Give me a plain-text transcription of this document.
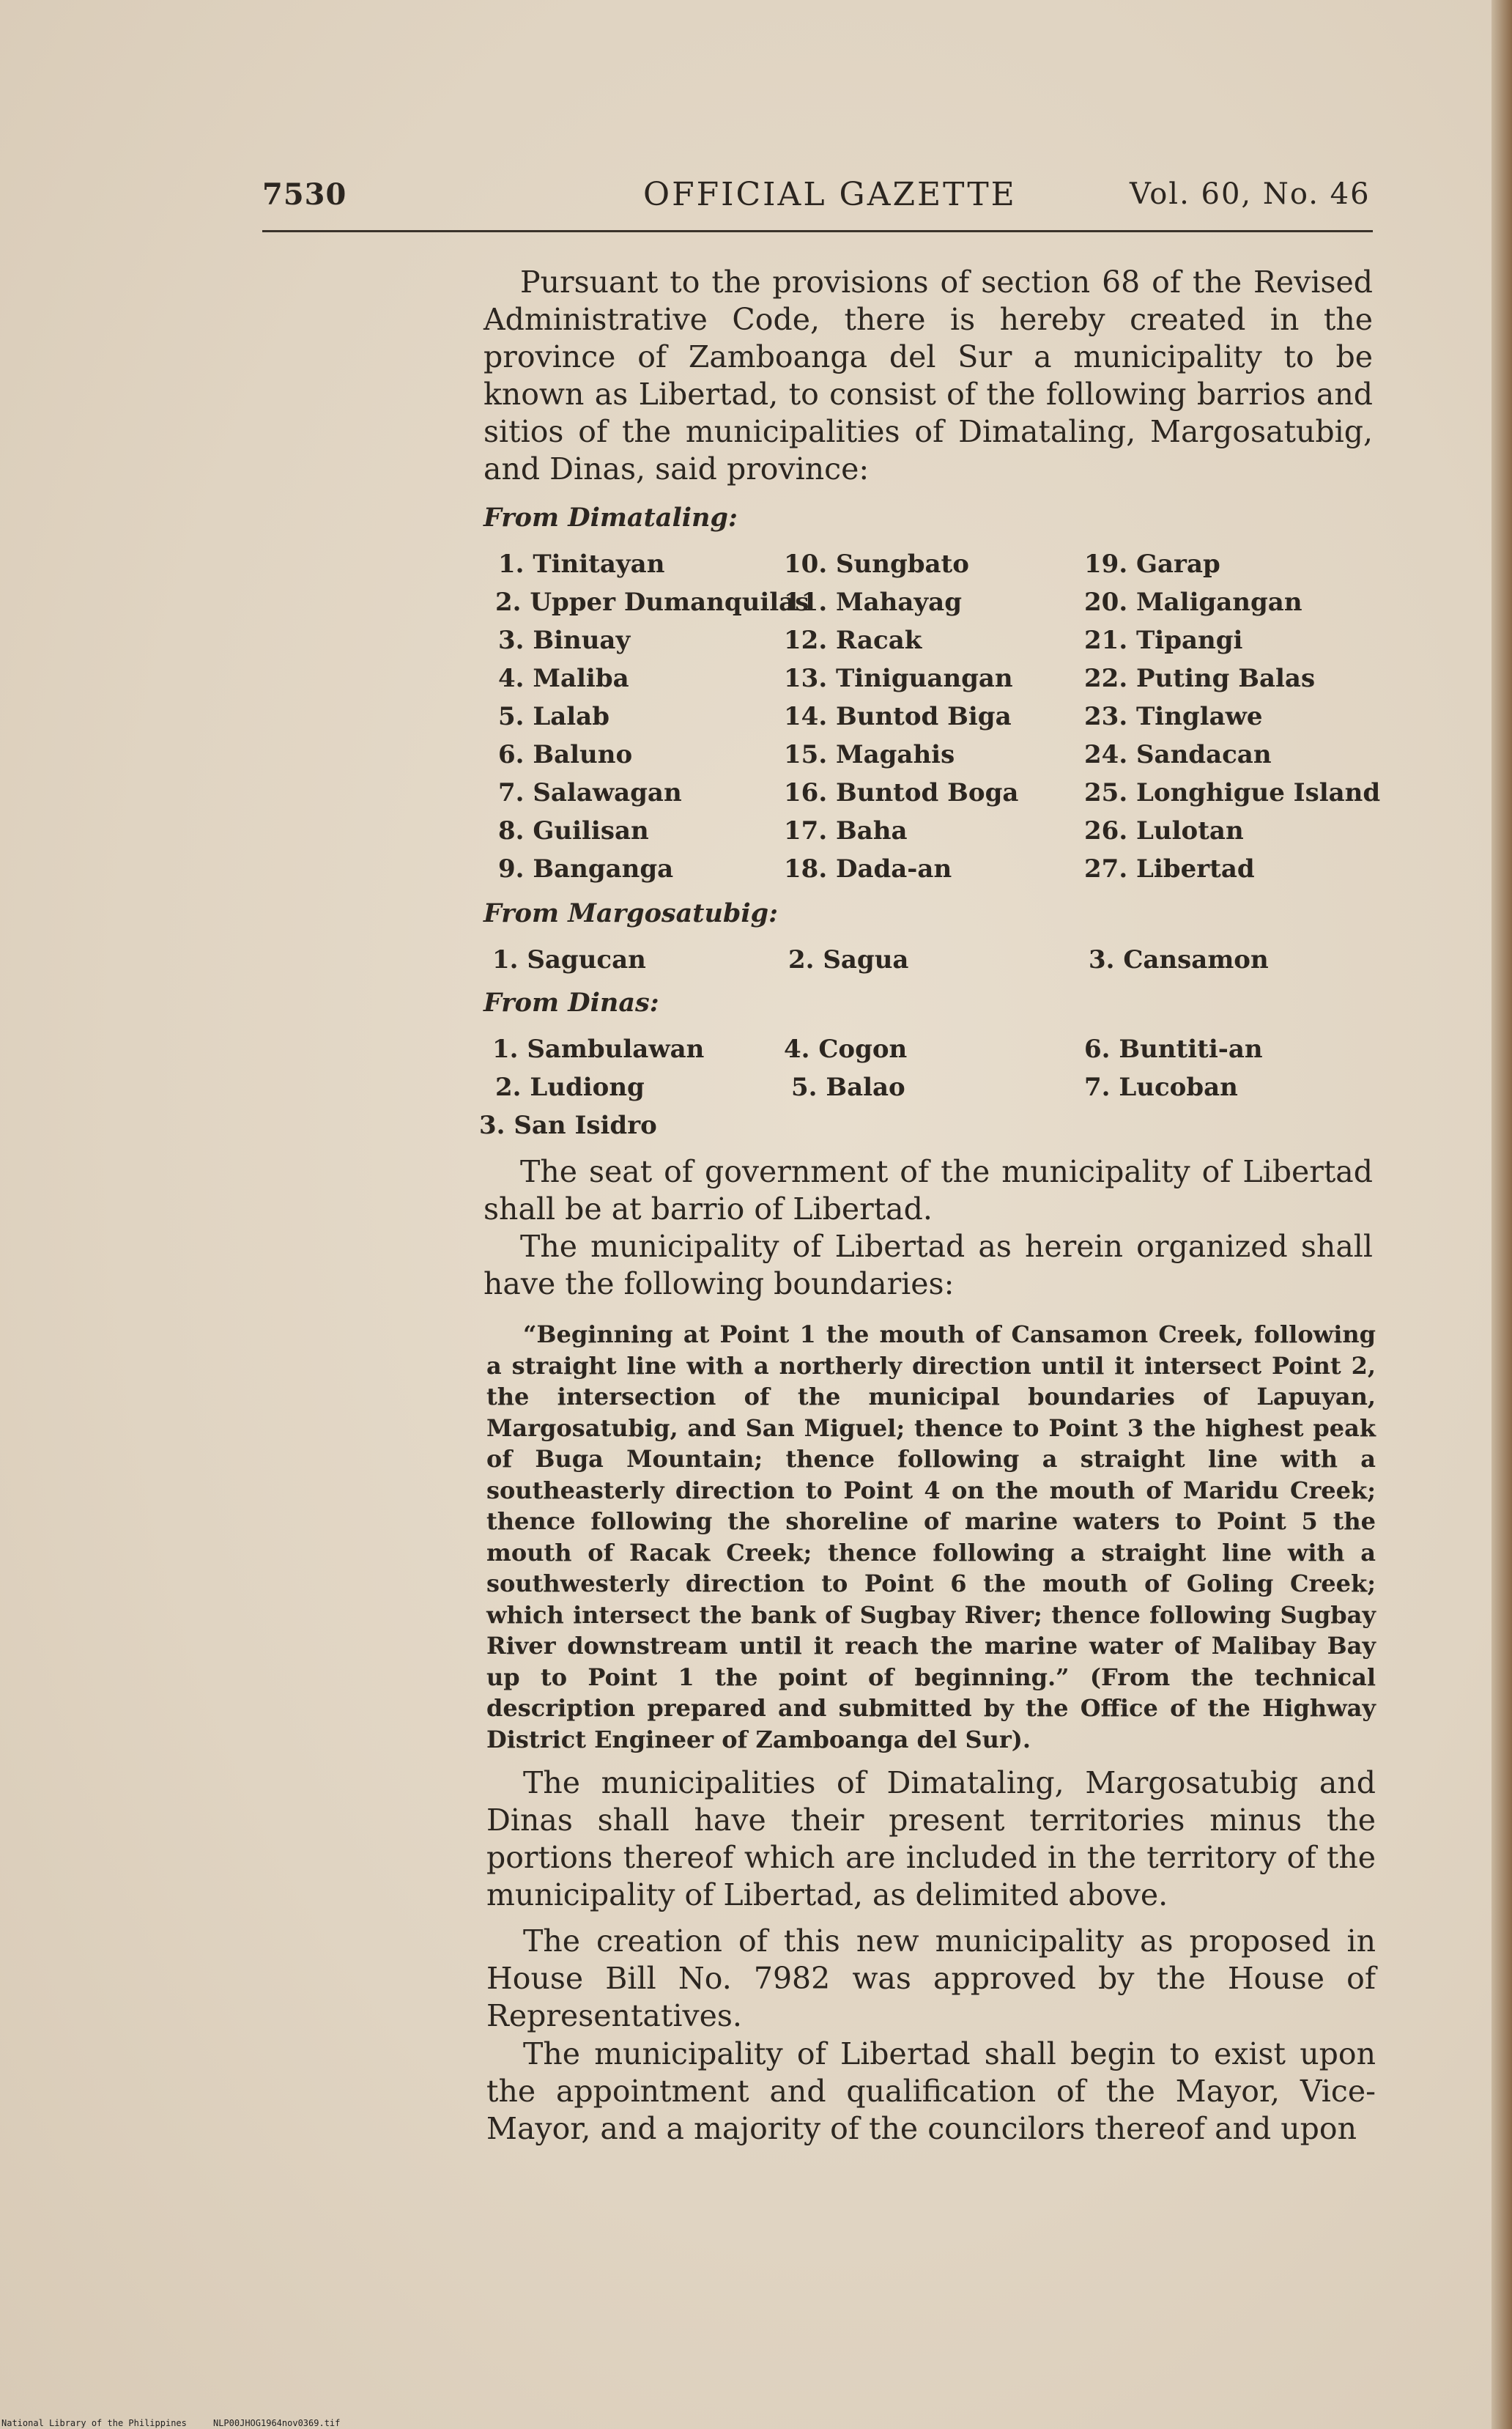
7530	OFFICIAL GAZETTE	Vol. 60, No. 46

Pursuant to the provisions of section 68 of the Revised Administrative Code, there is hereby created in the province of Zamboanga del Sur a municipality to be known as Libertad, to consist of the following barrios and sitios of the municipalities of Dimataling, Margosatubig, and Dinas, said province:

From Dimataling:
1. Tinitayan
2. Upper Dumanquilas
3. Binuay
4. Maliba
5. Lalab
6. Baluno
7. Salawagan
8. Guilisan
9. Banganga
10. Sungbato
11. Mahayag
12. Racak
13. Tiniguangan
14. Buntod Biga
15. Magahis
16. Buntod Boga
17. Baha
18. Dada-an
19. Garap
20. Maligangan
21. Tipangi
22. Puting Balas
23. Tinglawe
24. Sandacan
25. Longhigue Island
26. Lulotan
27. Libertad
From Margosatubig:
1. Sagucan	2. Sagua	3. Cansamon
From Dinas:
1. Sambulawan
2. Ludiong
3. San Isidro
4. Cogon
5. Balao
6. Buntiti-an
7. Lucoban

The seat of government of the municipality of Libertad shall be at barrio of Libertad.

The municipality of Libertad as herein organized shall have the following boundaries:

“Beginning at Point 1 the mouth of Cansamon Creek, following a straight line with a northerly direction until it intersect Point 2, the intersection of the municipal boundaries of Lapuyan, Margosatubig, and San Miguel; thence to Point 3 the highest peak of Buga Mountain; thence following a straight line with a southeasterly direction to Point 4 on the mouth of Maridu Creek; thence following the shoreline of marine waters to Point 5 the mouth of Racak Creek; thence following a straight line with a southwesterly direction to Point 6 the mouth of Goling Creek; which intersect the bank of Sugbay River; thence following Sugbay River downstream until it reach the marine water of Malibay Bay up to Point 1 the point of beginning.” (From the technical description prepared and submitted by the Office of the Highway District Engineer of Zamboanga del Sur).

The municipalities of Dimataling, Margosatubig and Dinas shall have their present territories minus the portions thereof which are included in the territory of the municipality of Libertad, as delimited above.

The creation of this new municipality as proposed in House Bill No. 7982 was approved by the House of Representatives.

The municipality of Libertad shall begin to exist upon the appointment and qualification of the Mayor, Vice-Mayor, and a majority of the councilors thereof and upon

National Library of the Philippines     NLP00JHOG1964nov0369.tif
